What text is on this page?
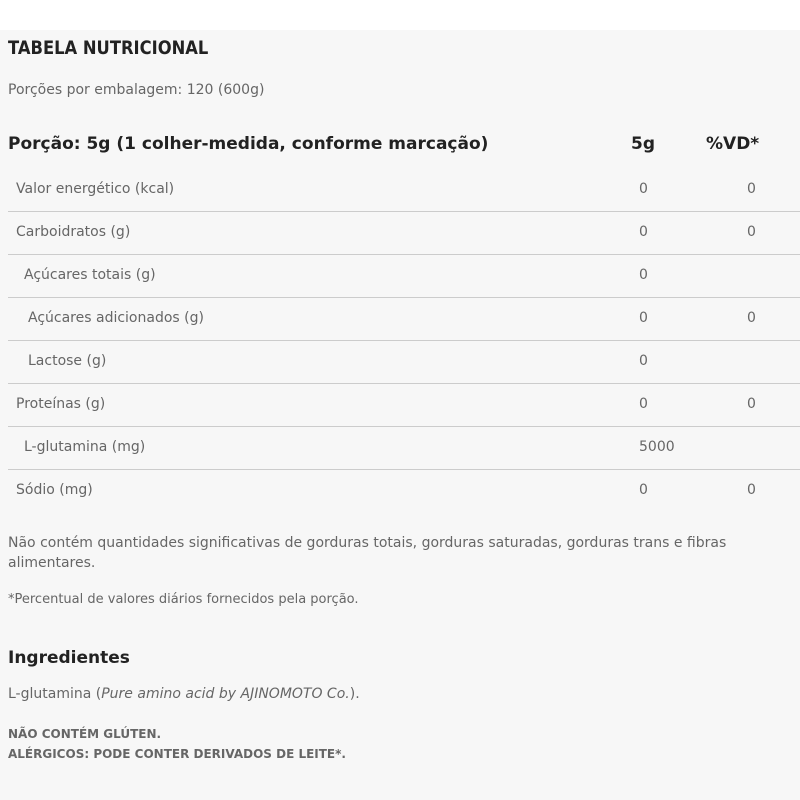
TABELA NUTRICIONAL
Porções por embalagem: 120 (600g)
Porção: 5g (1 colher-medida, conforme marcação)	5g	%VD*
Valor energético (kcal)	0	0
Carboidratos (g)	0	0
Açúcares totais (g)	0
Açúcares adicionados (g)	0	0
Lactose (g)	0
Proteínas (g)	0	0
L-glutamina (mg)	5000
Sódio (mg)	0	0
Não contém quantidades significativas de gorduras totais, gorduras saturadas, gorduras trans e fibras alimentares.
*Percentual de valores diários fornecidos pela porção.
Ingredientes
L-glutamina (Pure amino acid by AJINOMOTO Co.).
NÃO CONTÉM GLÚTEN.
ALÉRGICOS: PODE CONTER DERIVADOS DE LEITE*.
